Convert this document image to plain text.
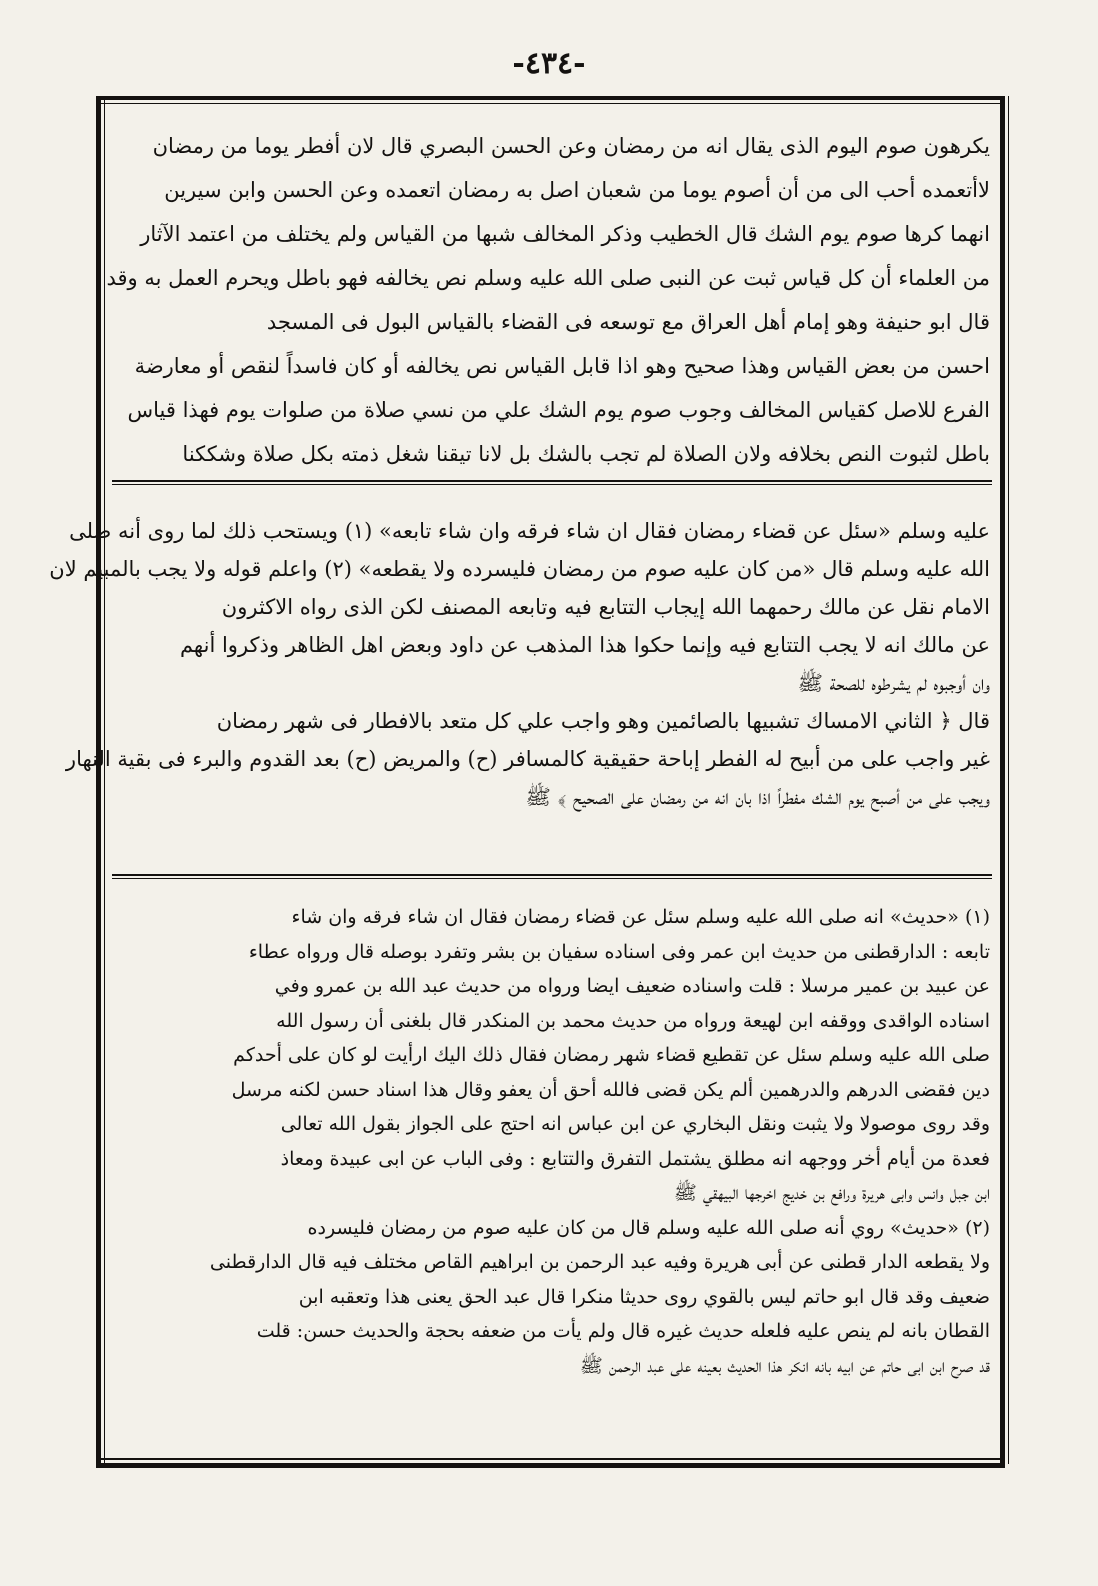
-٤٣٤-
يكرهون صوم اليوم الذى يقال انه من رمضان وعن الحسن البصري قال لان أفطر يوما من رمضان
لاأتعمده أحب الى من أن أصوم يوما من شعبان اصل به رمضان اتعمده وعن الحسن وابن سيرين
انهما كرها صوم يوم الشك قال الخطيب وذكر المخالف شبها من القياس ولم يختلف من اعتمد الآثار
من العلماء أن كل قياس ثبت عن النبى صلى الله عليه وسلم نص يخالفه فهو باطل ويحرم العمل به وقد
قال ابو حنيفة وهو إمام أهل العراق مع توسعه فى القضاء بالقياس البول فى المسجد
احسن من بعض القياس وهذا صحيح وهو اذا قابل القياس نص يخالفه أو كان فاسداً لنقص أو معارضة
الفرع للاصل كقياس المخالف وجوب صوم يوم الشك علي من نسي صلاة من صلوات يوم فهذا قياس
باطل لثبوت النص بخلافه ولان الصلاة لم تجب بالشك بل لانا تيقنا شغل ذمته بكل صلاة وشككنا
عليه وسلم «سئل عن قضاء رمضان فقال ان شاء فرقه وان شاء تابعه» (١) ويستحب ذلك لما روى أنه صلى
الله عليه وسلم قال «من كان عليه صوم من رمضان فليسرده ولا يقطعه» (٢) واعلم قوله ولا يجب بالمبيم لان
الامام نقل عن مالك رحمهما الله إيجاب التتابع فيه وتابعه المصنف لكن الذى رواه الاكثرون
عن مالك انه لا يجب التتابع فيه وإنما حكوا هذا المذهب عن داود وبعض اهل الظاهر وذكروا أنهم
وان أوجبوه لم يشرطوه للصحة ﷺ
قال ﴿ الثاني الامساك تشبيها بالصائمين وهو واجب علي كل متعد بالافطار فى شهر رمضان
غير واجب على من أبيح له الفطر إباحة حقيقية كالمسافر (ح) والمريض (ح) بعد القدوم والبرء فى بقية النهار
ويجب على من أصبح يوم الشك مفطراً اذا بان انه من رمضان على الصحيح ﴾ ﷺ
(١) «حديث» انه صلى الله عليه وسلم سئل عن قضاء رمضان فقال ان شاء فرقه وان شاء
تابعه : الدارقطنى من حديث ابن عمر وفى اسناده سفيان بن بشر وتفرد بوصله قال ورواه عطاء
عن عبيد بن عمير مرسلا : قلت واسناده ضعيف ايضا ورواه من حديث عبد الله بن عمرو وفي
اسناده الواقدى ووقفه ابن لهيعة ورواه من حديث محمد بن المنكدر قال بلغنى أن رسول الله
صلى الله عليه وسلم سئل عن تقطيع قضاء شهر رمضان فقال ذلك اليك ارأيت لو كان على أحدكم
دين فقضى الدرهم والدرهمين ألم يكن قضى فالله أحق أن يعفو وقال هذا اسناد حسن لكنه مرسل
وقد روى موصولا ولا يثبت ونقل البخاري عن ابن عباس انه احتج على الجواز بقول الله تعالى
فعدة من أيام أخر ووجهه انه مطلق يشتمل التفرق والتتابع : وفى الباب عن ابى عبيدة ومعاذ
ابن جبل وانس وابى هريرة ورافع بن خديج اخرجها البيهقي ﷺ
(٢) «حديث» روي أنه صلى الله عليه وسلم قال من كان عليه صوم من رمضان فليسرده
ولا يقطعه الدار قطنى عن أبى هريرة وفيه عبد الرحمن بن ابراهيم القاص مختلف فيه قال الدارقطنى
ضعيف وقد قال ابو حاتم ليس بالقوي روى حديثا منكرا قال عبد الحق يعنى هذا وتعقبه ابن
القطان بانه لم ينص عليه فلعله حديث غيره قال ولم يأت من ضعفه بحجة والحديث حسن: قلت
قد صرح ابن ابى حاتم عن ابيه بانه انكر هذا الحديث بعينه على عبد الرحمن ﷺ
